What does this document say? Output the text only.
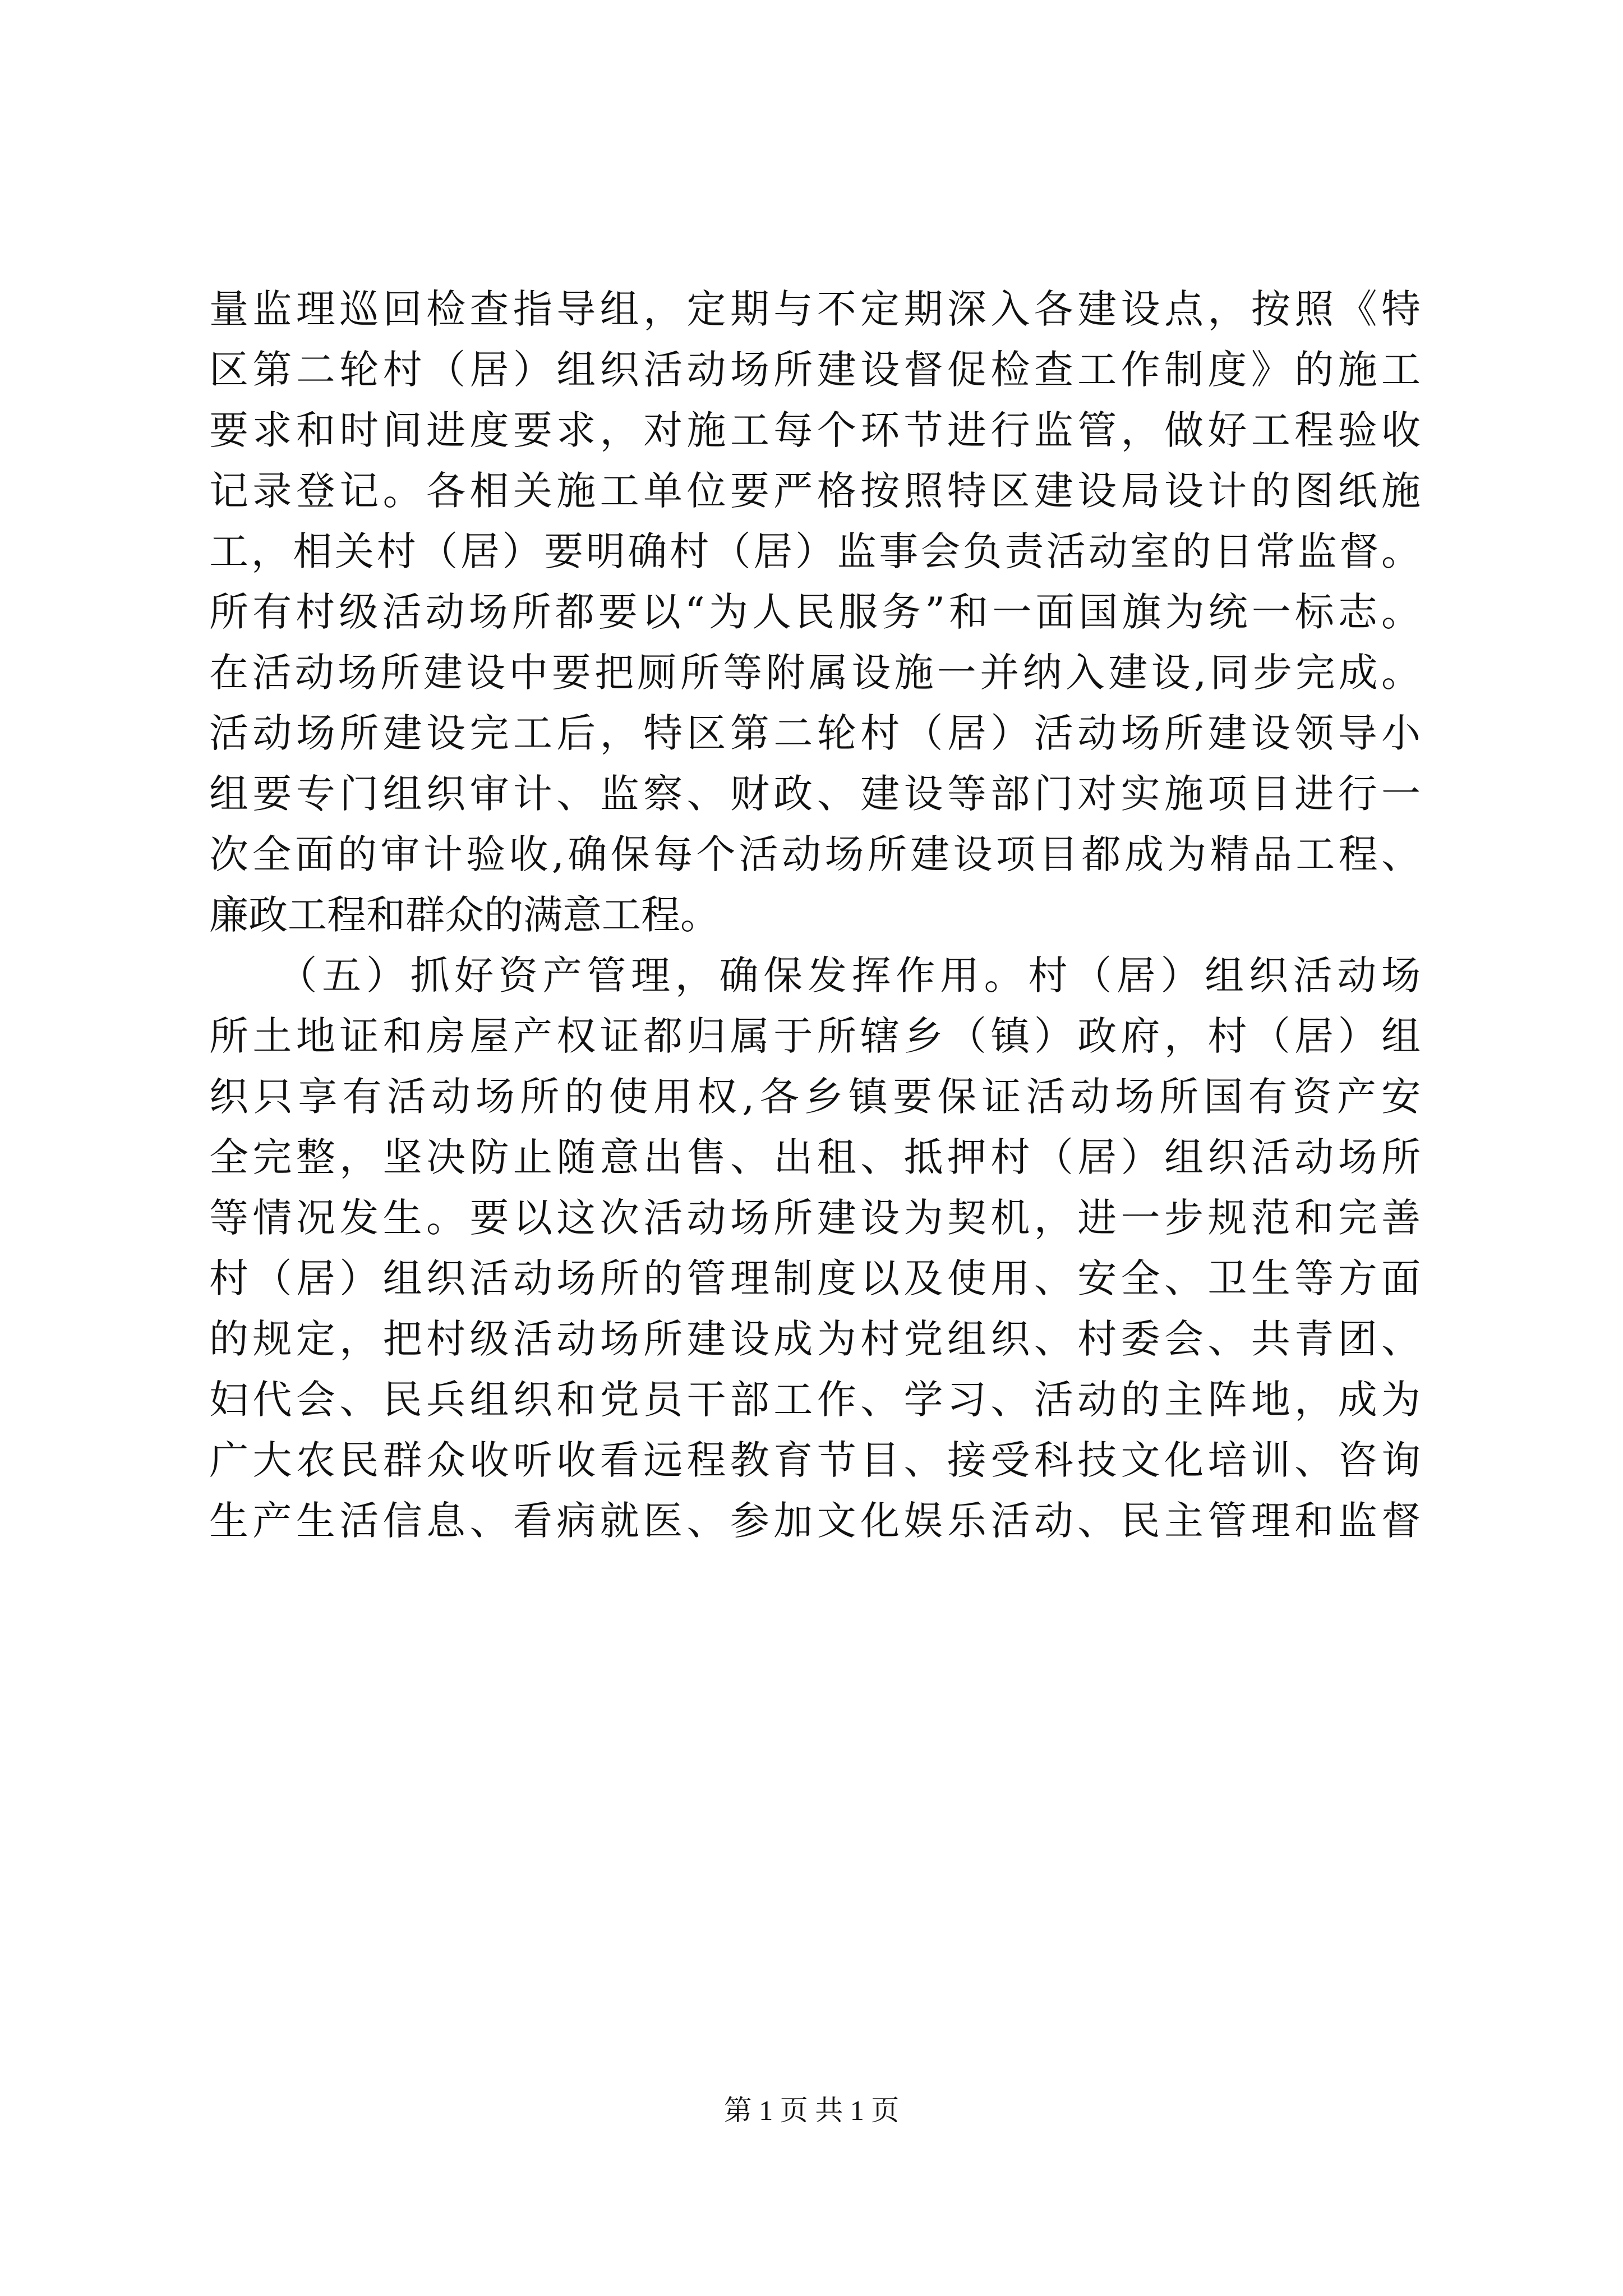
量监理巡回检查指导组，定期与不定期深入各建设点，按照《特
区第二轮村（居）组织活动场所建设督促检查工作制度》的施工
要求和时间进度要求，对施工每个环节进行监管，做好工程验收
记录登记。各相关施工单位要严格按照特区建设局设计的图纸施
工，相关村（居）要明确村（居）监事会负责活动室的日常监督。
所有村级活动场所都要以“为人民服务”和一面国旗为统一标志。
在活动场所建设中要把厕所等附属设施一并纳入建设,同步完成。
活动场所建设完工后，特区第二轮村（居）活动场所建设领导小
组要专门组织审计、监察、财政、建设等部门对实施项目进行一
次全面的审计验收,确保每个活动场所建设项目都成为精品工程、
廉政工程和群众的满意工程。
　　（五）抓好资产管理，确保发挥作用。村（居）组织活动场
所土地证和房屋产权证都归属于所辖乡（镇）政府，村（居）组
织只享有活动场所的使用权,各乡镇要保证活动场所国有资产安
全完整，坚决防止随意出售、出租、抵押村（居）组织活动场所
等情况发生。要以这次活动场所建设为契机，进一步规范和完善
村（居）组织活动场所的管理制度以及使用、安全、卫生等方面
的规定，把村级活动场所建设成为村党组织、村委会、共青团、
妇代会、民兵组织和党员干部工作、学习、活动的主阵地，成为
广大农民群众收听收看远程教育节目、接受科技文化培训、咨询
生产生活信息、看病就医、参加文化娱乐活动、民主管理和监督
第 1 页 共 1 页
